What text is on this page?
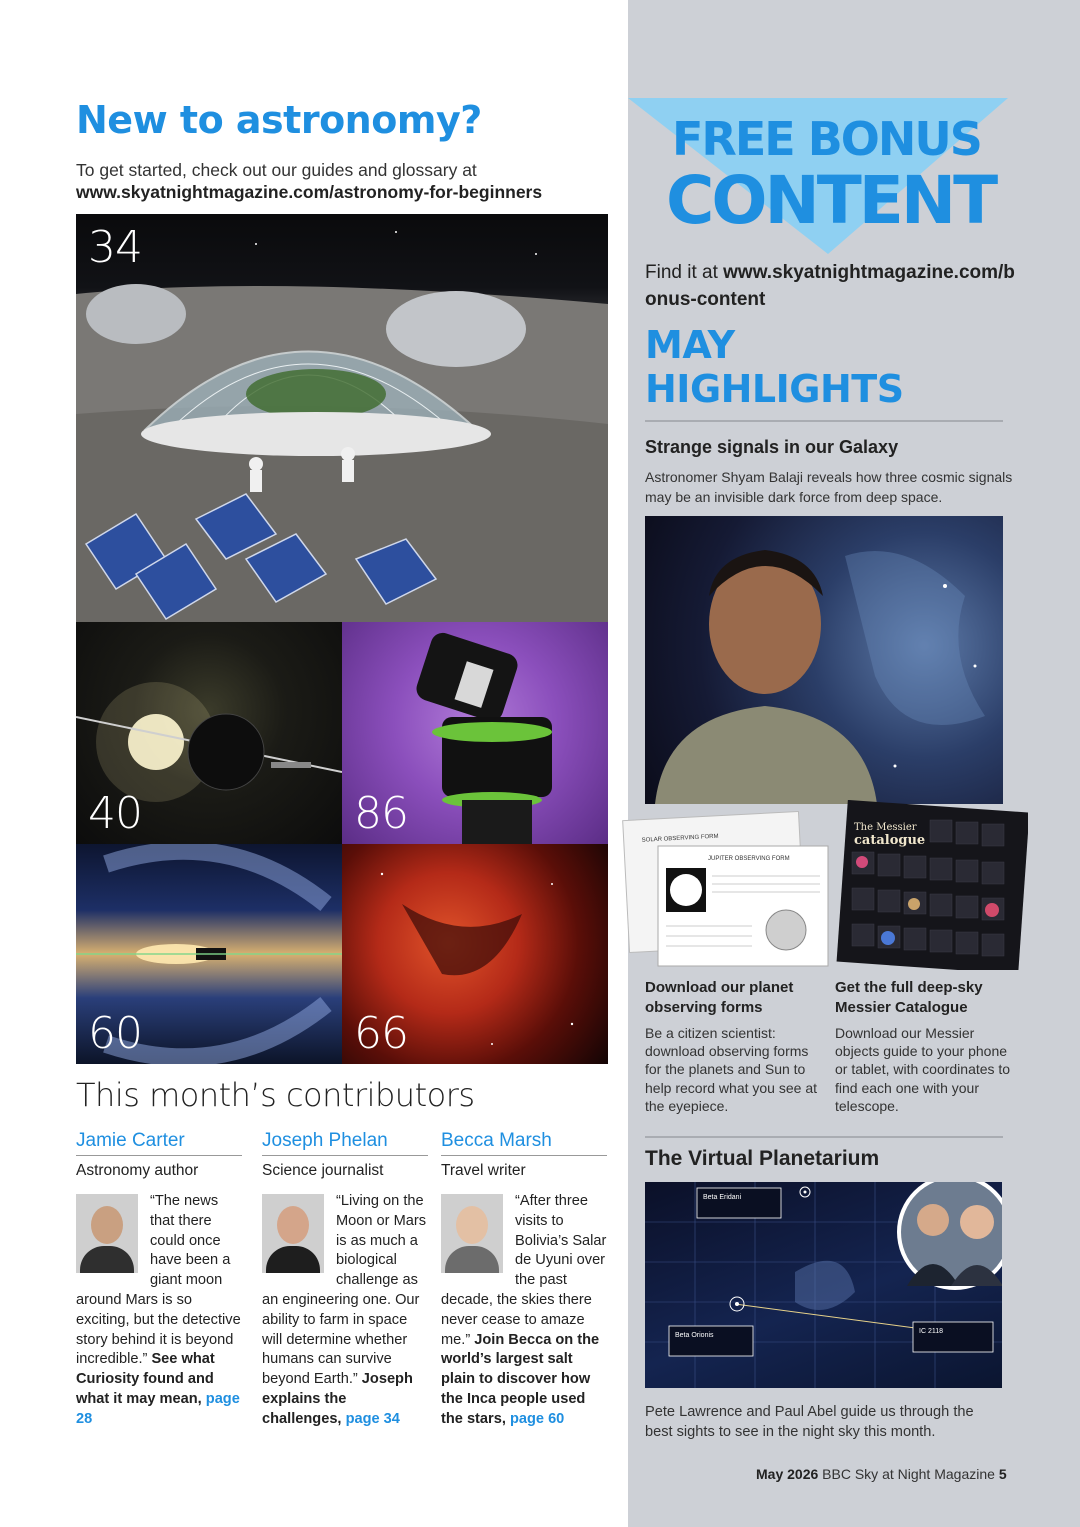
New to astronomy?

To get started, check out our guides and glossary at

www.skyatnightmagazine.com/astronomy-for-beginners
34
40	86
60	66
This month’s contributors
Jamie Carter
Astronomy author
“The news that there could once have been a giant moon around Mars is so exciting, but the detective story behind it is beyond incredible.” See what Curiosity found and what it may mean, page 28
Joseph Phelan
Science journalist
“Living on the Moon or Mars is as much a biological challenge as an engineering one. Our ability to farm in space will determine whether humans can survive beyond Earth.” Joseph explains the challenges, page 34
Becca Marsh
Travel writer
“After three visits to Bolivia’s Salar de Uyuni over the past decade, the skies there never cease to amaze me.” Join Becca on the world’s largest salt plain to discover how the Inca people used the stars, page 60
FREE BONUS
CONTENT

Find it at www.skyatnightmagazine.com/bonus-content

MAY
HIGHLIGHTS
Strange signals in our Galaxy

Astronomer Shyam Balaji reveals how three cosmic signals may be an invisible dark force from deep space.

SOLAR OBSERVING FORM
JUPITER OBSERVING FORM
The Messier
catalogue
Download our planet observing forms
Be a citizen scientist: download observing forms for the planets and Sun to help record what you see at the eyepiece.
Get the full deep-sky Messier Catalogue
Download our Messier objects guide to your phone or tablet, with coordinates to find each one with your telescope.
The Virtual Planetarium
Beta Eridani
Beta Orionis
IC 2118

Pete Lawrence and Paul Abel guide us through the best sights to see in the night sky this month.

May 2026 BBC Sky at Night Magazine 5
